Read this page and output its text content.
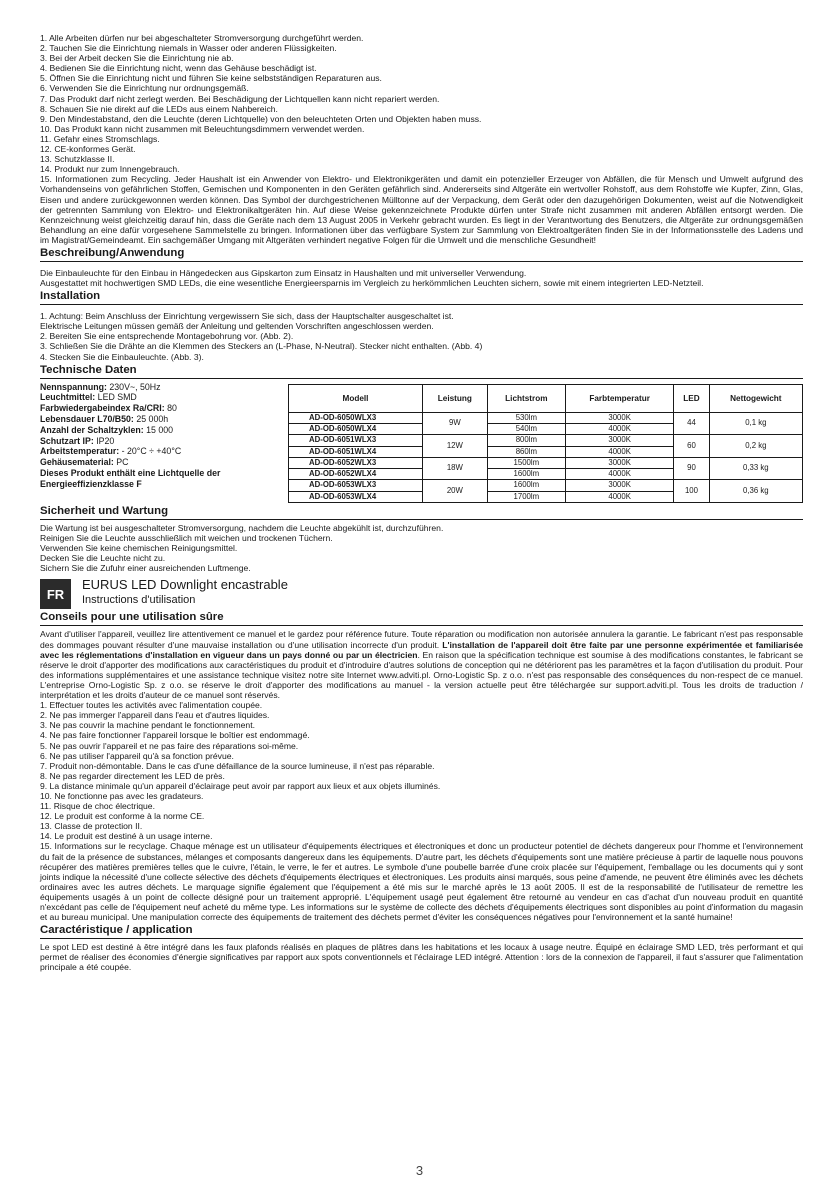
1. Alle Arbeiten dürfen nur bei abgeschalteter Stromversorgung durchgeführt werden.

2. Tauchen Sie die Einrichtung niemals in Wasser oder anderen Flüssigkeiten.

3. Bei der Arbeit decken Sie die Einrichtung nie ab.

4. Bedienen Sie die Einrichtung nicht, wenn das Gehäuse beschädigt ist.

5. Öffnen Sie die Einrichtung nicht und führen Sie keine selbstständigen Reparaturen aus.

6. Verwenden Sie die Einrichtung nur ordnungsgemäß.

7. Das Produkt darf nicht zerlegt werden. Bei Beschädigung der Lichtquellen kann nicht repariert werden.

8. Schauen Sie nie direkt auf die LEDs aus einem Nahbereich.

9. Den Mindestabstand, den die Leuchte (deren Lichtquelle) von den beleuchteten Orten und Objekten haben muss.

10. Das Produkt kann nicht zusammen mit Beleuchtungsdimmern verwendet werden.

11. Gefahr eines Stromschlags.

12. CE-konformes Gerät.

13. Schutzklasse II.

14. Produkt nur zum Innengebrauch.

15. Informationen zum Recycling. Jeder Haushalt ist ein Anwender von Elektro- und Elektronikgeräten und damit ein potenzieller Erzeuger von Abfällen, die für Mensch und Umwelt aufgrund des Vorhandenseins von gefährlichen Stoffen, Gemischen und Komponenten in den Geräten gefährlich sind. Andererseits sind Altgeräte ein wertvoller Rohstoff, aus dem Rohstoffe wie Kupfer, Zinn, Glas, Eisen und andere zurückgewonnen werden können. Das Symbol der durchgestrichenen Mülltonne auf der Verpackung, dem Gerät oder den dazugehörigen Dokumenten, weist auf die Notwendigkeit der getrennten Sammlung von Elektro- und Elektronikaltgeräten hin. Auf diese Weise gekennzeichnete Produkte dürfen unter Strafe nicht zusammen mit anderen Abfällen entsorgt werden. Die Kennzeichnung weist gleichzeitig darauf hin, dass die Geräte nach dem 13 August 2005 in Verkehr gebracht wurden. Es liegt in der Verantwortung des Benutzers, die Altgeräte zur ordnungsgemäßen Behandlung an eine dafür vorgesehene Sammelstelle zu bringen. Informationen über das verfügbare System zur Sammlung von Elektroaltgeräten finden Sie in der Informationsstelle des Ladens und im Magistrat/Gemeindeamt. Ein sachgemäßer Umgang mit Altgeräten verhindert negative Folgen für die Umwelt und die menschliche Gesundheit!

Beschreibung/Anwendung

Die Einbauleuchte für den Einbau in Hängedecken aus Gipskarton zum Einsatz in Haushalten und mit universeller Verwendung.

Ausgestattet mit hochwertigen SMD LEDs, die eine wesentliche Energieersparnis im Vergleich zu herkömmlichen Leuchten sichern, sowie mit einem integrierten LED-Netzteil.

Installation

1. Achtung: Beim Anschluss der Einrichtung vergewissern Sie sich, dass der Hauptschalter ausgeschaltet ist.

Elektrische Leitungen müssen gemäß der Anleitung und geltenden Vorschriften angeschlossen werden.

2. Bereiten Sie eine entsprechende Montagebohrung vor. (Abb. 2).

3. Schließen Sie die Drähte an die Klemmen des Steckers an (L-Phase, N-Neutral). Stecker nicht enthalten. (Abb. 4)

4. Stecken Sie die Einbauleuchte. (Abb. 3).

Technische Daten

Nennspannung: 230V~, 50Hz

Leuchtmittel: LED SMD

Farbwiedergabeindex Ra/CRI: 80

Lebensdauer L70/B50: 25 000h

Anzahl der Schaltzyklen: 15 000

Schutzart IP: IP20

Arbeitstemperatur: - 20°C ÷ +40°C

Gehäusematerial: PC

Dieses Produkt enthält eine Lichtquelle der

Energieeffizienzklasse F

Modell	Leistung	Lichtstrom	Farbtemperatur	LED	Nettogewicht
AD-OD-6050WLX3	9W	530lm	3000K	44	0,1 kg
AD-OD-6050WLX4		540lm	4000K		
AD-OD-6051WLX3	12W	800lm	3000K	60	0,2 kg
AD-OD-6051WLX4		860lm	4000K		
AD-OD-6052WLX3	18W	1500lm	3000K	90	0,33 kg
AD-OD-6052WLX4		1600lm	4000K		
AD-OD-6053WLX3	20W	1600lm	3000K	100	0,36 kg
AD-OD-6053WLX4		1700lm	4000K		
Sicherheit und Wartung

Die Wartung ist bei ausgeschalteter Stromversorgung, nachdem die Leuchte abgekühlt ist, durchzuführen.

Reinigen Sie die Leuchte ausschließlich mit weichen und trockenen Tüchern.

Verwenden Sie keine chemischen Reinigungsmittel.

Decken Sie die Leuchte nicht zu.

Sichern Sie die Zufuhr einer ausreichenden Luftmenge.

FR
EURUS LED Downlight encastrable
Instructions d'utilisation
Conseils pour une utilisation sûre

Avant d'utiliser l'appareil, veuillez lire attentivement ce manuel et le gardez pour référence future. Toute réparation ou modification non autorisée annulera la garantie. Le fabricant n'est pas responsable des dommages pouvant résulter d'une mauvaise installation ou d'une utilisation incorrecte d'un produit. L'installation de l'appareil doit être faite par une personne expérimentée et familiarisée avec les réglementations d'installation en vigueur dans un pays donné ou par un électricien. En raison que la spécification technique est soumise à des modifications constantes, le fabricant se réserve le droit d'apporter des modifications aux caractéristiques du produit et d'introduire d'autres solutions de conception qui ne détériorent pas les paramètres et la façon d'utilisation du produit. Pour des informations supplémentaires et une assistance technique visitez notre site Internet www.adviti.pl. Orno-Logistic Sp. z o.o. n'est pas responsable des conséquences du non-respect de ce manuel. L'entreprise Orno-Logistic Sp. z o.o. se réserve le droit d'apporter des modifications au manuel - la version actuelle peut être téléchargée sur support.adviti.pl. Tous les droits de traduction / interprétation et les droits d'auteur de ce manuel sont réservés.

1. Effectuer toutes les activités avec l'alimentation coupée.

2. Ne pas immerger l'appareil dans l'eau et d'autres liquides.

3. Ne pas couvrir la machine pendant le fonctionnement.

4. Ne pas faire fonctionner l'appareil lorsque le boîtier est endommagé.

5. Ne pas ouvrir l'appareil et ne pas faire des réparations soi-même.

6. Ne pas utiliser l'appareil qu'à sa fonction prévue.

7. Produit non-démontable. Dans le cas d'une défaillance de la source lumineuse, il n'est pas réparable.

8. Ne pas regarder directement les LED de près.

9. La distance minimale qu'un appareil d'éclairage peut avoir par rapport aux lieux et aux objets illuminés.

10. Ne fonctionne pas avec les gradateurs.

11. Risque de choc électrique.

12. Le produit est conforme à la norme CE.

13. Classe de protection II.

14. Le produit est destiné à un usage interne.

15. Informations sur le recyclage. Chaque ménage est un utilisateur d'équipements électriques et électroniques et donc un producteur potentiel de déchets dangereux pour l'homme et l'environnement du fait de la présence de substances, mélanges et composants dangereux dans les équipements. D'autre part, les déchets d'équipements sont une matière précieuse à partir de laquelle nous pouvons récupérer des matières premières telles que le cuivre, l'étain, le verre, le fer et autres. Le symbole d'une poubelle barrée d'une croix placée sur l'équipement, l'emballage ou les documents qui y sont joints indique la nécessité d'une collecte sélective des déchets d'équipements électriques et électroniques. Les produits ainsi marqués, sous peine d'amende, ne peuvent être éliminés avec les déchets ordinaires avec les autres déchets. Le marquage signifie également que l'équipement a été mis sur le marché après le 13 août 2005. Il est de la responsabilité de l'utilisateur de remettre les équipements usagés à un point de collecte désigné pour un traitement approprié. L'équipement usagé peut également être retourné au vendeur en cas d'achat d'un nouveau produit en quantité n'excédant pas celle de l'équipement neuf acheté du même type. Les informations sur le système de collecte des déchets d'équipements électriques sont disponibles au point d'information du magasin et au bureau municipal. Une manipulation correcte des équipements de traitement des déchets permet d'éviter les conséquences négatives pour l'environnement et la santé humaine!

Caractéristique / application

Le spot LED est destiné à être intégré dans les faux plafonds réalisés en plaques de plâtres dans les habitations et les locaux à usage neutre. Équipé en éclairage SMD LED, très performant et qui permet de réaliser des économies d'énergie significatives par rapport aux spots conventionnels et l'éclairage LED intégré. Attention : lors de la connexion de l'appareil, il faut s'assurer que l'alimentation principale a été coupée.

3
